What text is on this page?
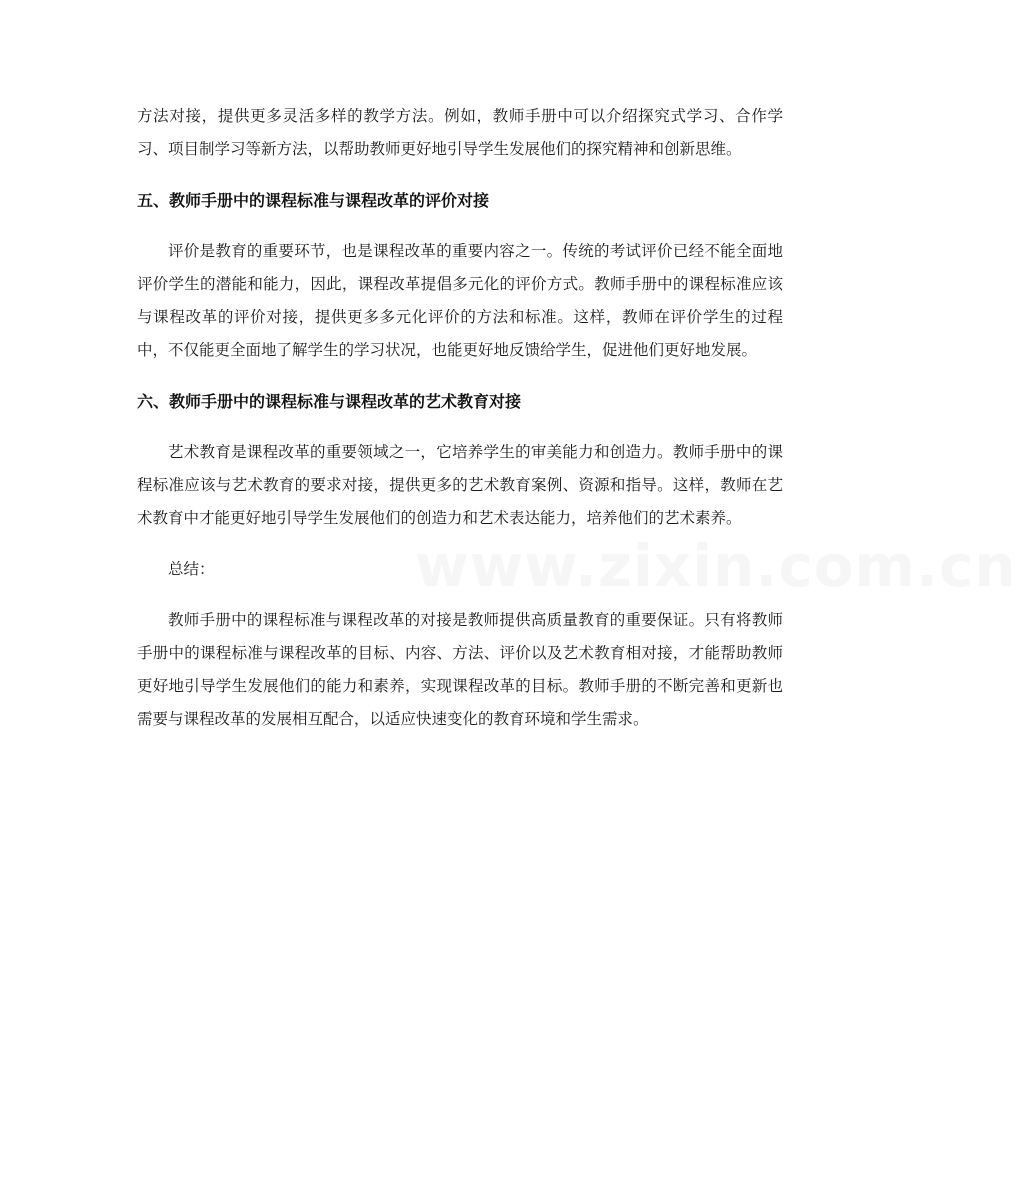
方法对接，提供更多灵活多样的教学方法。例如，教师手册中可以介绍探究式学习、合作学习、项目制学习等新方法，以帮助教师更好地引导学生发展他们的探究精神和创新思维。

五、教师手册中的课程标准与课程改革的评价对接

评价是教育的重要环节，也是课程改革的重要内容之一。传统的考试评价已经不能全面地评价学生的潜能和能力，因此，课程改革提倡多元化的评价方式。教师手册中的课程标准应该与课程改革的评价对接，提供更多多元化评价的方法和标准。这样，教师在评价学生的过程中，不仅能更全面地了解学生的学习状况，也能更好地反馈给学生，促进他们更好地发展。

六、教师手册中的课程标准与课程改革的艺术教育对接

艺术教育是课程改革的重要领域之一，它培养学生的审美能力和创造力。教师手册中的课程标准应该与艺术教育的要求对接，提供更多的艺术教育案例、资源和指导。这样，教师在艺术教育中才能更好地引导学生发展他们的创造力和艺术表达能力，培养他们的艺术素养。

总结：

教师手册中的课程标准与课程改革的对接是教师提供高质量教育的重要保证。只有将教师手册中的课程标准与课程改革的目标、内容、方法、评价以及艺术教育相对接，才能帮助教师更好地引导学生发展他们的能力和素养，实现课程改革的目标。教师手册的不断完善和更新也需要与课程改革的发展相互配合，以适应快速变化的教育环境和学生需求。

www.zixin.com.cn
